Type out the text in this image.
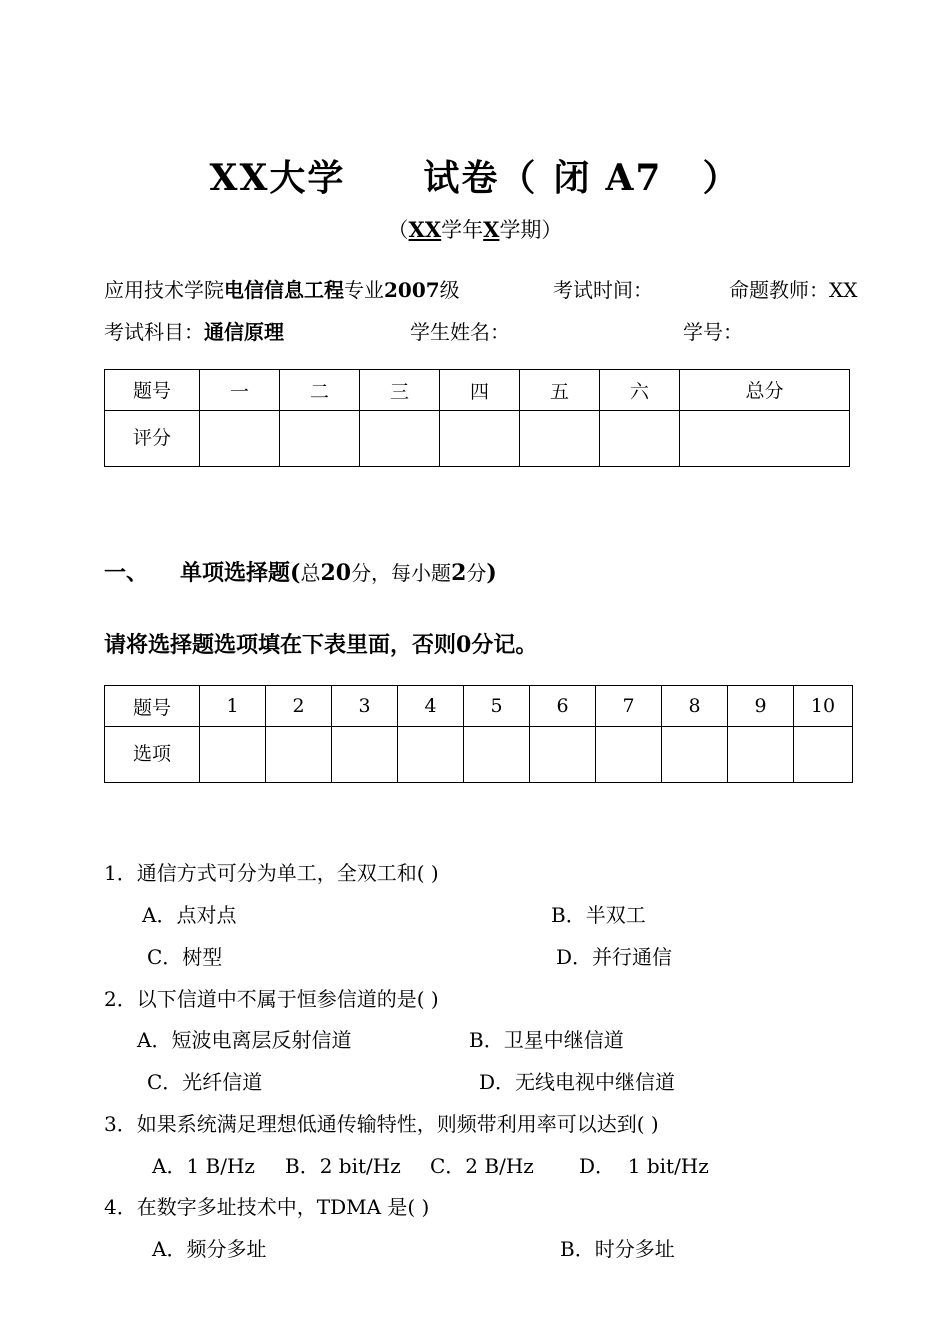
XX大学 试卷（ 闭 A7 ）
（XX学年X学期）
应用技术学院电信信息工程专业2007级	考试时间：	命题教师：XX
考试科目：通信原理	学生姓名：	学号：
题号	一	二	三	四	五	六	总分
评分							
一、 单项选择题(总20分，每小题2分)
请将选择题选项填在下表里面，否则0分记。
题号	1	2	3	4	5	6	7	8	9	10
选项										
1．通信方式可分为单工，全双工和( )
A．点对点	B．半双工
C．树型	D．并行通信
2．以下信道中不属于恒参信道的是( )
A．短波电离层反射信道	B．卫星中继信道
C．光纤信道	D．无线电视中继信道
3．如果系统满足理想低通传输特性，则频带利用率可以达到( )
A．1 B/Hz B．2 bit/Hz C．2 B/Hz D．  1 bit/Hz
4．在数字多址技术中，TDMA 是( )
A．频分多址	B．时分多址
